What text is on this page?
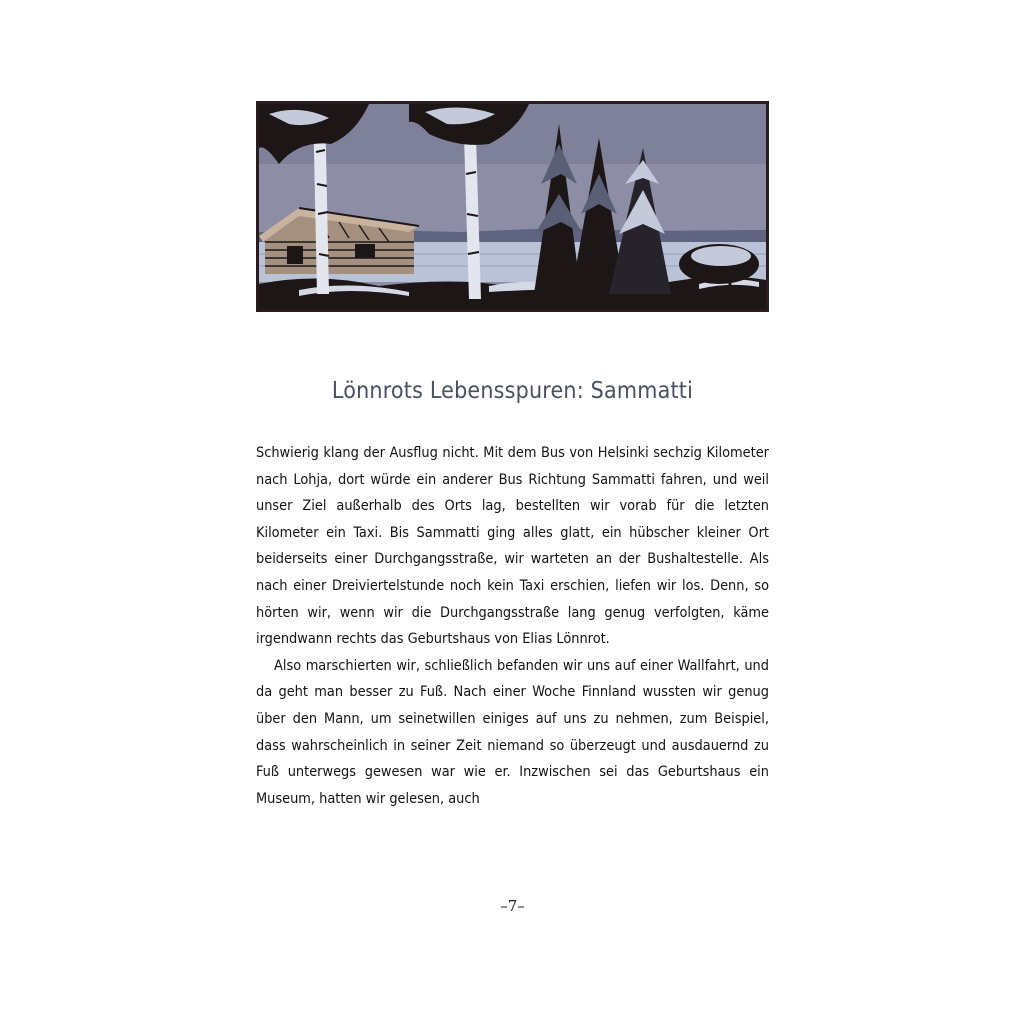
Lönnrots Lebensspuren: Sammatti

Schwierig klang der Ausflug nicht. Mit dem Bus von Helsinki sechzig Kilometer nach Lohja, dort würde ein anderer Bus Richtung Sammatti fahren, und weil unser Ziel außerhalb des Orts lag, bestellten wir vorab für die letzten Kilometer ein Taxi. Bis Sammatti ging alles glatt, ein hübscher kleiner Ort beiderseits einer Durchgangsstraße, wir warteten an der Bushaltestelle. Als nach einer Dreiviertelstunde noch kein Taxi erschien, liefen wir los. Denn, so hörten wir, wenn wir die Durchgangsstraße lang genug verfolgten, käme irgendwann rechts das Geburtshaus von Elias Lönnrot.

Also marschierten wir, schließlich befanden wir uns auf einer Wallfahrt, und da geht man besser zu Fuß. Nach einer Woche Finnland wussten wir genug über den Mann, um seinetwillen einiges auf uns zu nehmen, zum Beispiel, dass wahrscheinlich in seiner Zeit niemand so überzeugt und ausdauernd zu Fuß unterwegs gewesen war wie er. Inzwischen sei das Geburtshaus ein Museum, hatten wir gelesen, auch

–7–
